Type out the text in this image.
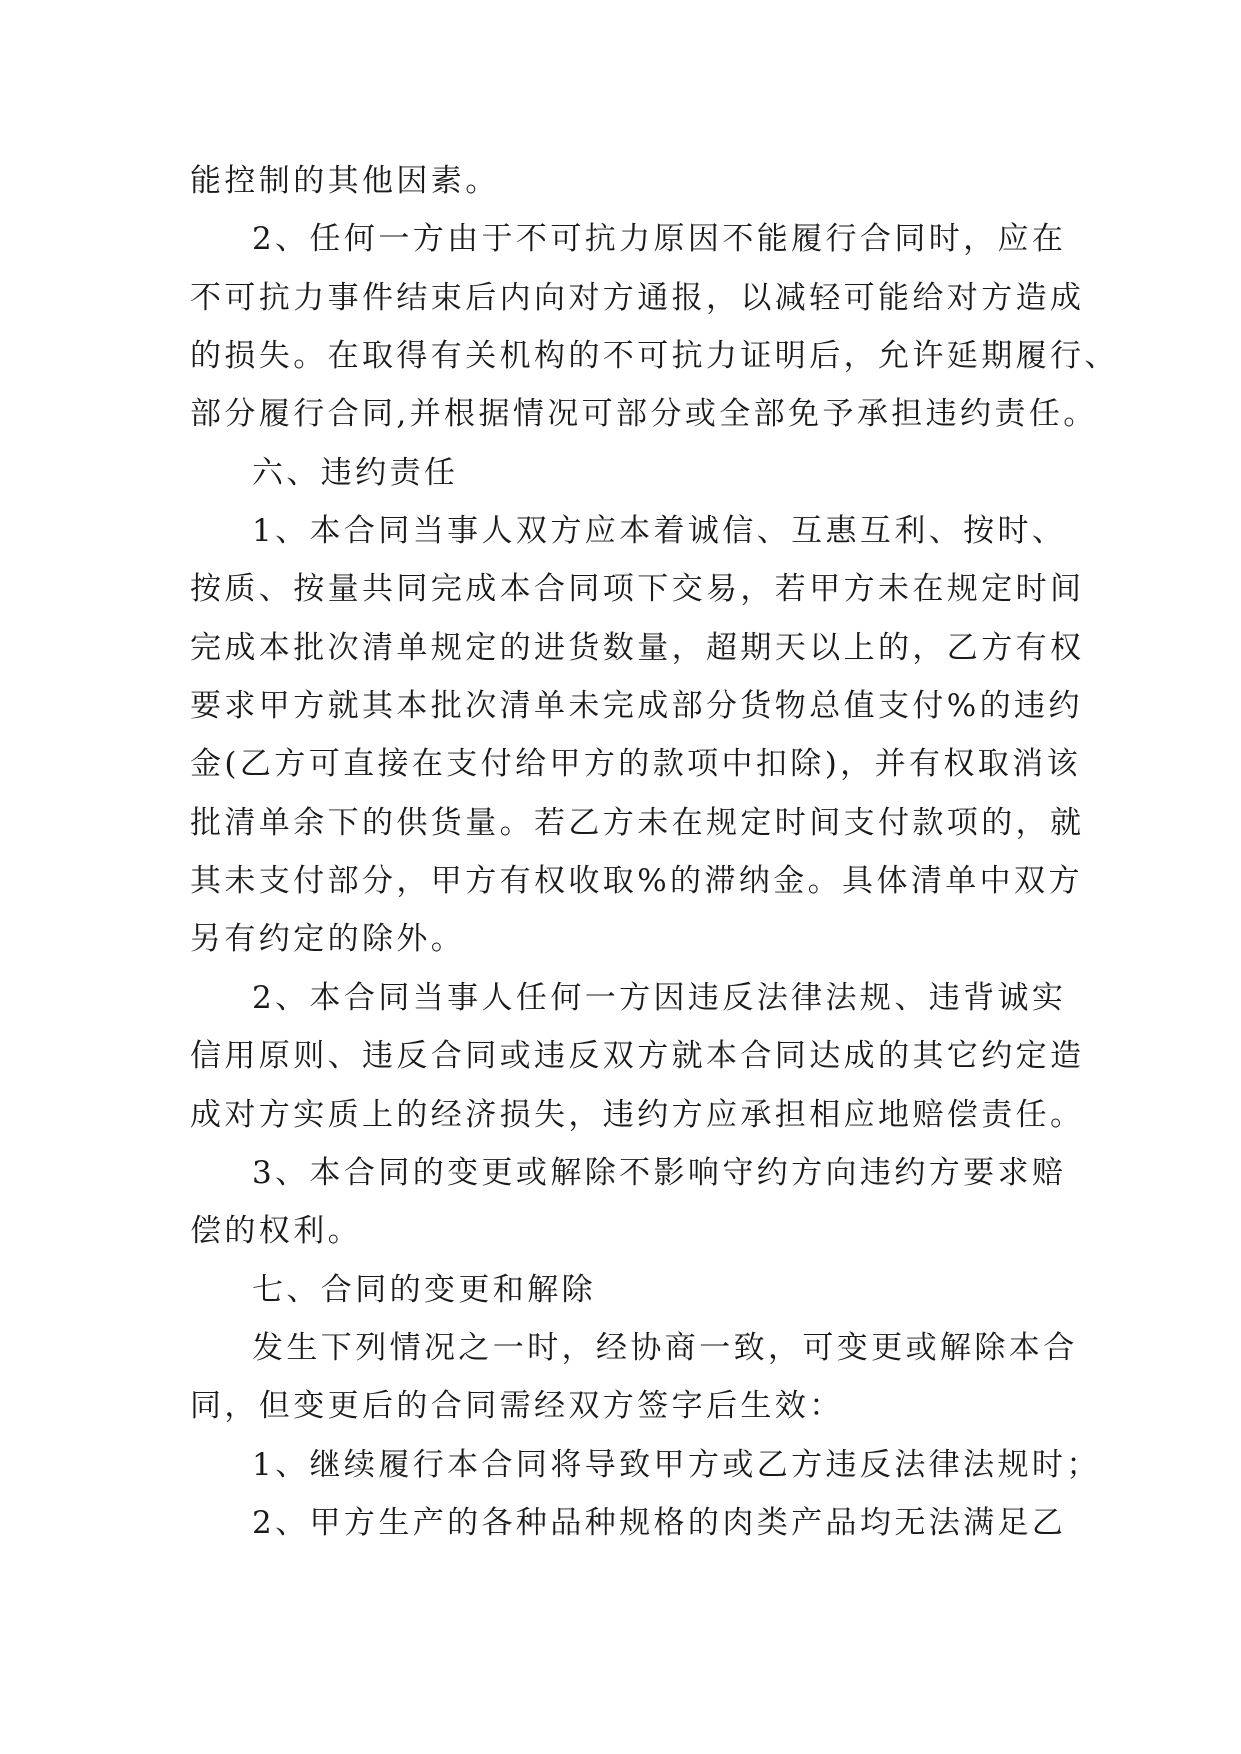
能控制的其他因素。
2、任何一方由于不可抗力原因不能履行合同时，应在
不可抗力事件结束后内向对方通报，以减轻可能给对方造成
的损失。在取得有关机构的不可抗力证明后，允许延期履行、
部分履行合同,并根据情况可部分或全部免予承担违约责任。
六、违约责任
1、本合同当事人双方应本着诚信、互惠互利、按时、
按质、按量共同完成本合同项下交易，若甲方未在规定时间
完成本批次清单规定的进货数量，超期天以上的，乙方有权
要求甲方就其本批次清单未完成部分货物总值支付%的违约
金(乙方可直接在支付给甲方的款项中扣除)，并有权取消该
批清单余下的供货量。若乙方未在规定时间支付款项的，就
其未支付部分，甲方有权收取%的滞纳金。具体清单中双方
另有约定的除外。
2、本合同当事人任何一方因违反法律法规、违背诚实
信用原则、违反合同或违反双方就本合同达成的其它约定造
成对方实质上的经济损失，违约方应承担相应地赔偿责任。
3、本合同的变更或解除不影响守约方向违约方要求赔
偿的权利。
七、合同的变更和解除
发生下列情况之一时，经协商一致，可变更或解除本合
同，但变更后的合同需经双方签字后生效：
1、继续履行本合同将导致甲方或乙方违反法律法规时；
2、甲方生产的各种品种规格的肉类产品均无法满足乙
